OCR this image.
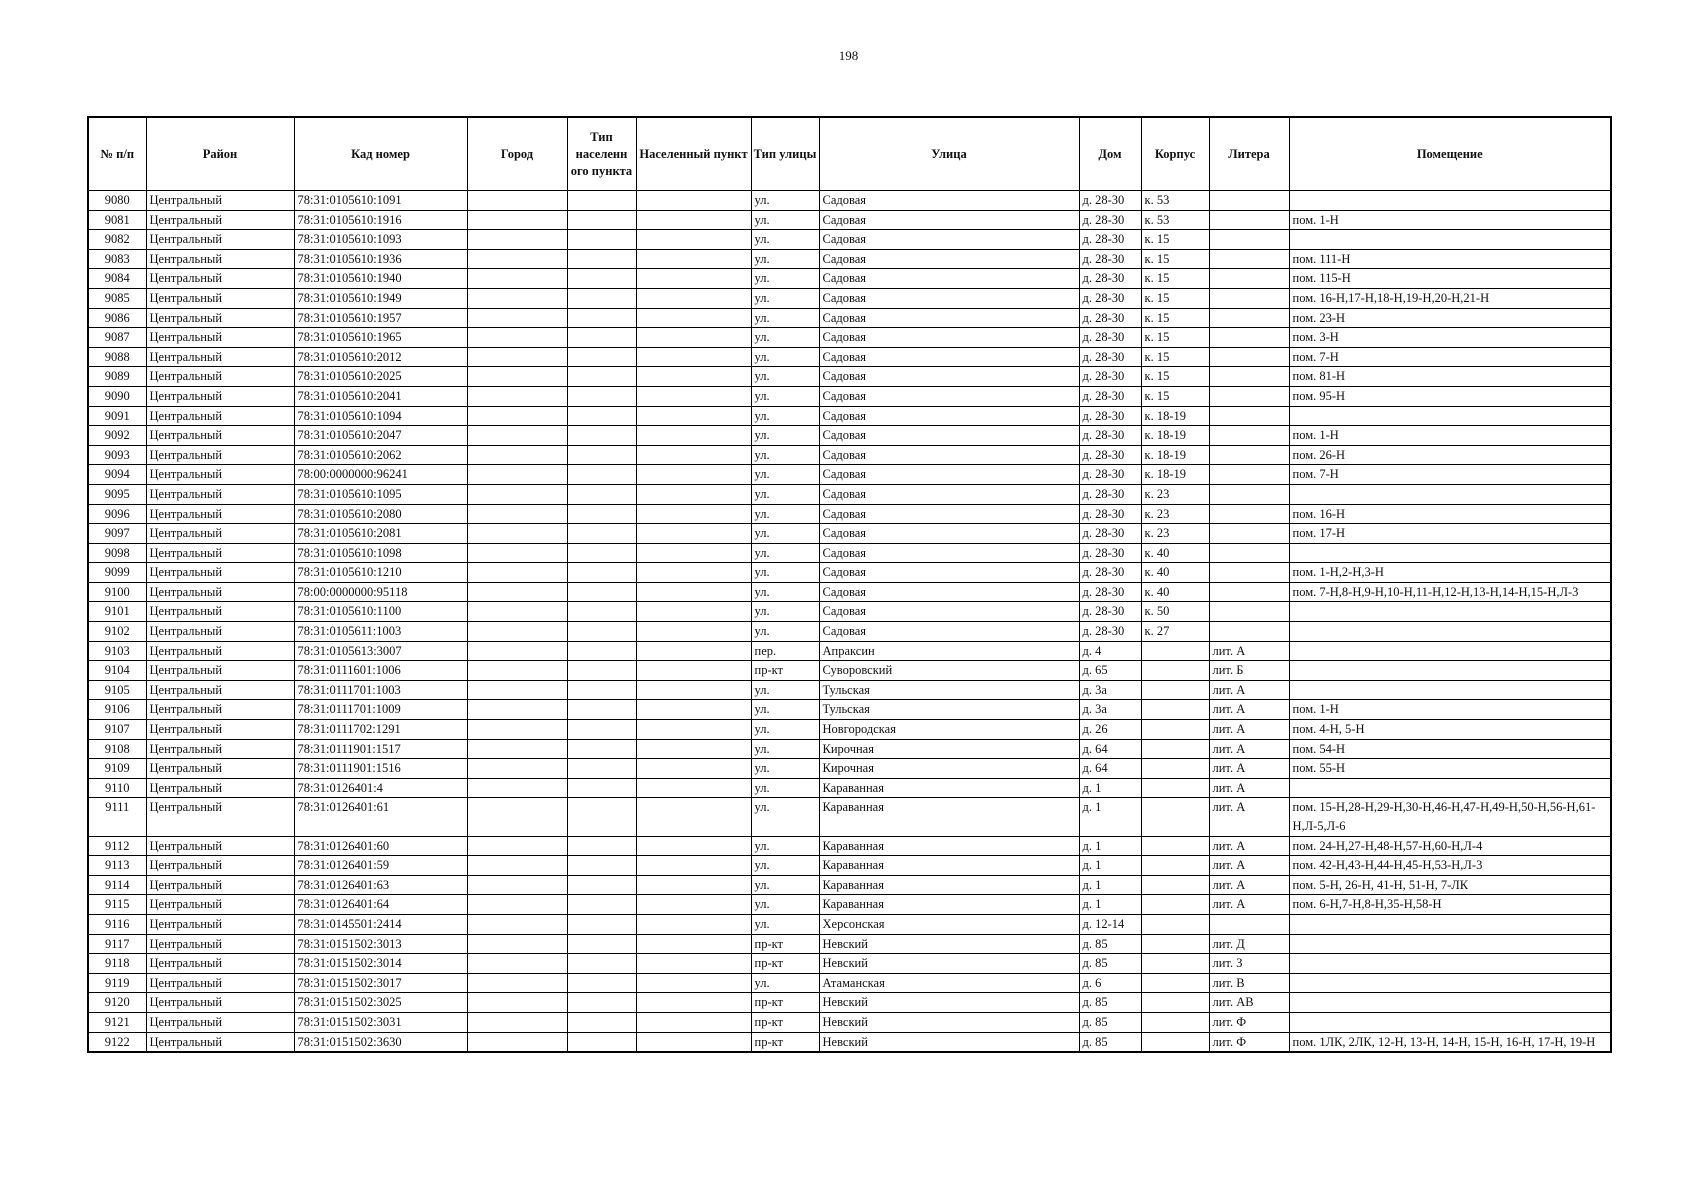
198
№ п/п	Район	Кад номер	Город	Тип населенн ого пункта	Населенный пункт	Тип улицы	Улица	Дом	Корпус	Литера	Помещение
9080	Центральный	78:31:0105610:1091				ул.	Садовая	д. 28-30	к. 53		
9081	Центральный	78:31:0105610:1916				ул.	Садовая	д. 28-30	к. 53		пом. 1-Н
9082	Центральный	78:31:0105610:1093				ул.	Садовая	д. 28-30	к. 15		
9083	Центральный	78:31:0105610:1936				ул.	Садовая	д. 28-30	к. 15		пом. 111-Н
9084	Центральный	78:31:0105610:1940				ул.	Садовая	д. 28-30	к. 15		пом. 115-Н
9085	Центральный	78:31:0105610:1949				ул.	Садовая	д. 28-30	к. 15		пом. 16-Н,17-Н,18-Н,19-Н,20-Н,21-Н
9086	Центральный	78:31:0105610:1957				ул.	Садовая	д. 28-30	к. 15		пом. 23-Н
9087	Центральный	78:31:0105610:1965				ул.	Садовая	д. 28-30	к. 15		пом. 3-Н
9088	Центральный	78:31:0105610:2012				ул.	Садовая	д. 28-30	к. 15		пом. 7-Н
9089	Центральный	78:31:0105610:2025				ул.	Садовая	д. 28-30	к. 15		пом. 81-Н
9090	Центральный	78:31:0105610:2041				ул.	Садовая	д. 28-30	к. 15		пом. 95-Н
9091	Центральный	78:31:0105610:1094				ул.	Садовая	д. 28-30	к. 18-19		
9092	Центральный	78:31:0105610:2047				ул.	Садовая	д. 28-30	к. 18-19		пом. 1-Н
9093	Центральный	78:31:0105610:2062				ул.	Садовая	д. 28-30	к. 18-19		пом. 26-Н
9094	Центральный	78:00:0000000:96241				ул.	Садовая	д. 28-30	к. 18-19		пом. 7-Н
9095	Центральный	78:31:0105610:1095				ул.	Садовая	д. 28-30	к. 23		
9096	Центральный	78:31:0105610:2080				ул.	Садовая	д. 28-30	к. 23		пом. 16-Н
9097	Центральный	78:31:0105610:2081				ул.	Садовая	д. 28-30	к. 23		пом. 17-Н
9098	Центральный	78:31:0105610:1098				ул.	Садовая	д. 28-30	к. 40		
9099	Центральный	78:31:0105610:1210				ул.	Садовая	д. 28-30	к. 40		пом. 1-Н,2-Н,3-Н
9100	Центральный	78:00:0000000:95118				ул.	Садовая	д. 28-30	к. 40		пом. 7-Н,8-Н,9-Н,10-Н,11-Н,12-Н,13-Н,14-Н,15-Н,Л-3
9101	Центральный	78:31:0105610:1100				ул.	Садовая	д. 28-30	к. 50		
9102	Центральный	78:31:0105611:1003				ул.	Садовая	д. 28-30	к. 27		
9103	Центральный	78:31:0105613:3007				пер.	Апраксин	д. 4		лит. А	
9104	Центральный	78:31:0111601:1006				пр-кт	Суворовский	д. 65		лит. Б	
9105	Центральный	78:31:0111701:1003				ул.	Тульская	д. 3а		лит. А	
9106	Центральный	78:31:0111701:1009				ул.	Тульская	д. 3а		лит. А	пом. 1-Н
9107	Центральный	78:31:0111702:1291				ул.	Новгородская	д. 26		лит. А	пом. 4-Н, 5-Н
9108	Центральный	78:31:0111901:1517				ул.	Кирочная	д. 64		лит. А	пом. 54-Н
9109	Центральный	78:31:0111901:1516				ул.	Кирочная	д. 64		лит. А	пом. 55-Н
9110	Центральный	78:31:0126401:4				ул.	Караванная	д. 1		лит. А	
9111	Центральный	78:31:0126401:61				ул.	Караванная	д. 1		лит. А	пом. 15-Н,28-Н,29-Н,30-Н,46-Н,47-Н,49-Н,50-Н,56-Н,61-Н,Л-5,Л-6
9112	Центральный	78:31:0126401:60				ул.	Караванная	д. 1		лит. А	пом. 24-Н,27-Н,48-Н,57-Н,60-Н,Л-4
9113	Центральный	78:31:0126401:59				ул.	Караванная	д. 1		лит. А	пом. 42-Н,43-Н,44-Н,45-Н,53-Н,Л-3
9114	Центральный	78:31:0126401:63				ул.	Караванная	д. 1		лит. А	пом. 5-Н, 26-Н, 41-Н, 51-Н, 7-ЛК
9115	Центральный	78:31:0126401:64				ул.	Караванная	д. 1		лит. А	пом. 6-Н,7-Н,8-Н,35-Н,58-Н
9116	Центральный	78:31:0145501:2414				ул.	Херсонская	д. 12-14			
9117	Центральный	78:31:0151502:3013				пр-кт	Невский	д. 85		лит. Д	
9118	Центральный	78:31:0151502:3014				пр-кт	Невский	д. 85		лит. З	
9119	Центральный	78:31:0151502:3017				ул.	Атаманская	д. 6		лит. В	
9120	Центральный	78:31:0151502:3025				пр-кт	Невский	д. 85		лит. АВ	
9121	Центральный	78:31:0151502:3031				пр-кт	Невский	д. 85		лит. Ф	
9122	Центральный	78:31:0151502:3630				пр-кт	Невский	д. 85		лит. Ф	пом. 1ЛК, 2ЛК, 12-Н, 13-Н, 14-Н, 15-Н, 16-Н, 17-Н, 19-Н
